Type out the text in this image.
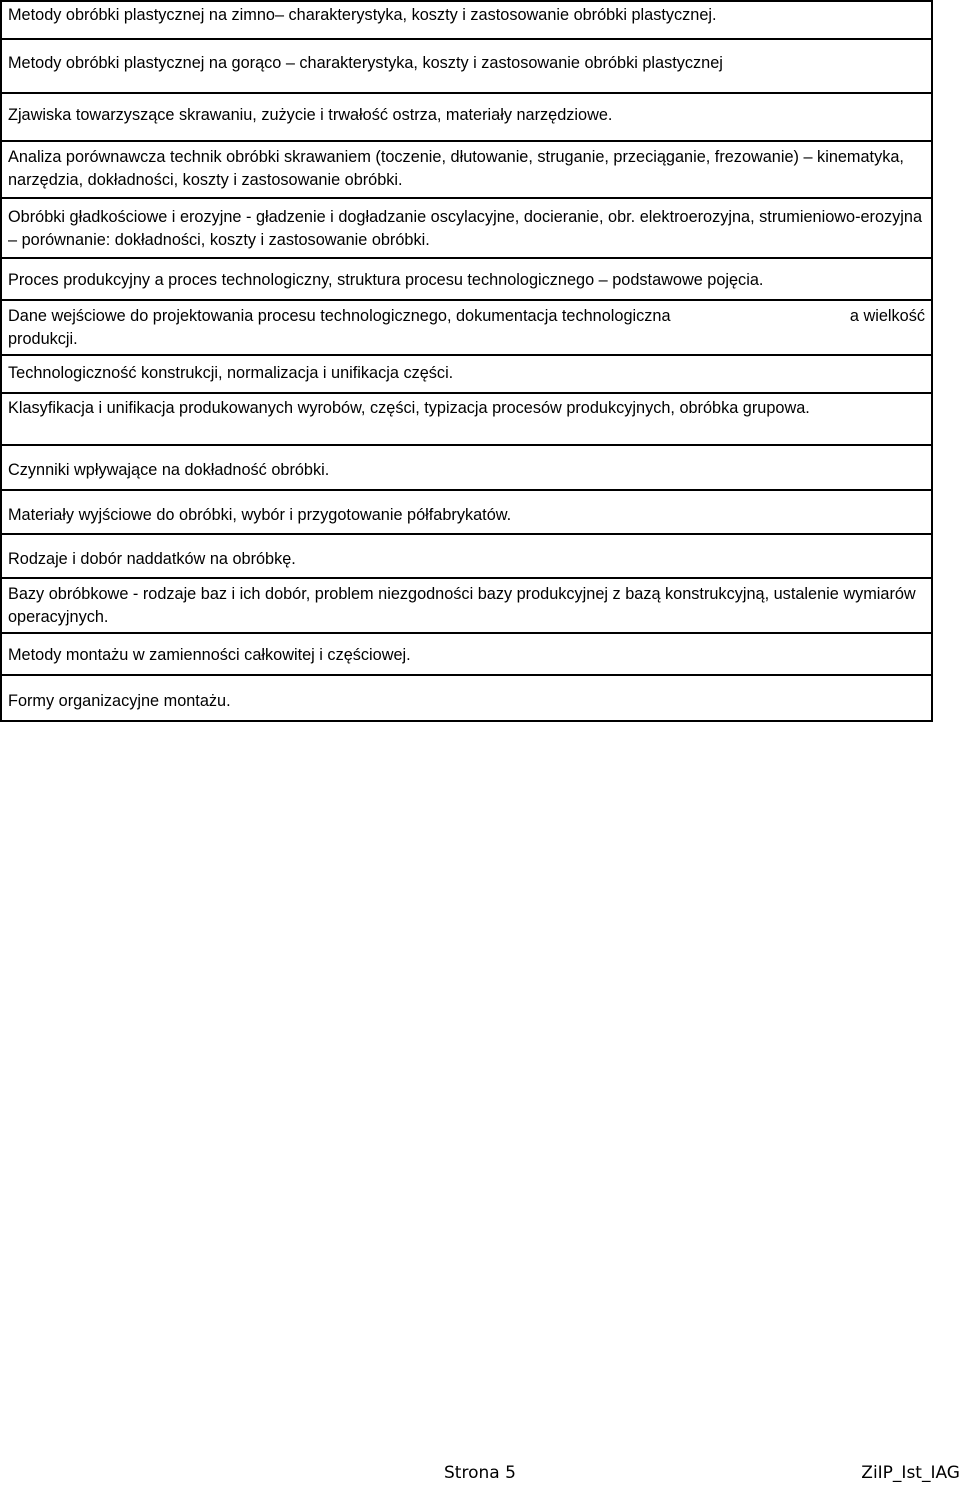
Metody obróbki plastycznej na zimno– charakterystyka, koszty i zastosowanie obróbki plastycznej.

Metody obróbki plastycznej na gorąco – charakterystyka, koszty i zastosowanie obróbki plastycznej

Zjawiska towarzyszące skrawaniu, zużycie i trwałość ostrza, materiały narzędziowe.

Analiza porównawcza technik obróbki skrawaniem (toczenie, dłutowanie, struganie, przeciąganie, frezowanie) – kinematyka, narzędzia, dokładności, koszty i zastosowanie obróbki.

Obróbki gładkościowe i erozyjne - gładzenie i dogładzanie oscylacyjne, docieranie, obr. elektroerozyjna, strumieniowo-erozyjna – porównanie: dokładności, koszty i zastosowanie obróbki.

Proces produkcyjny a proces technologiczny, struktura procesu technologicznego – podstawowe pojęcia.

Dane wejściowe do projektowania procesu technologicznego, dokumentacja technologiczna	a wielkość
produkcji.

Technologiczność konstrukcji, normalizacja i unifikacja części.

Klasyfikacja i unifikacja produkowanych wyrobów, części, typizacja procesów produkcyjnych, obróbka grupowa.

Czynniki wpływające na dokładność obróbki.

Materiały wyjściowe do obróbki, wybór i przygotowanie półfabrykatów.

Rodzaje i dobór naddatków na obróbkę.

Bazy obróbkowe - rodzaje baz i ich dobór, problem niezgodności bazy produkcyjnej z bazą konstrukcyjną, ustalenie wymiarów operacyjnych.

Metody montażu w zamienności całkowitej i częściowej.

Formy organizacyjne montażu.
Strona 5	ZiIP_Ist_IAG
